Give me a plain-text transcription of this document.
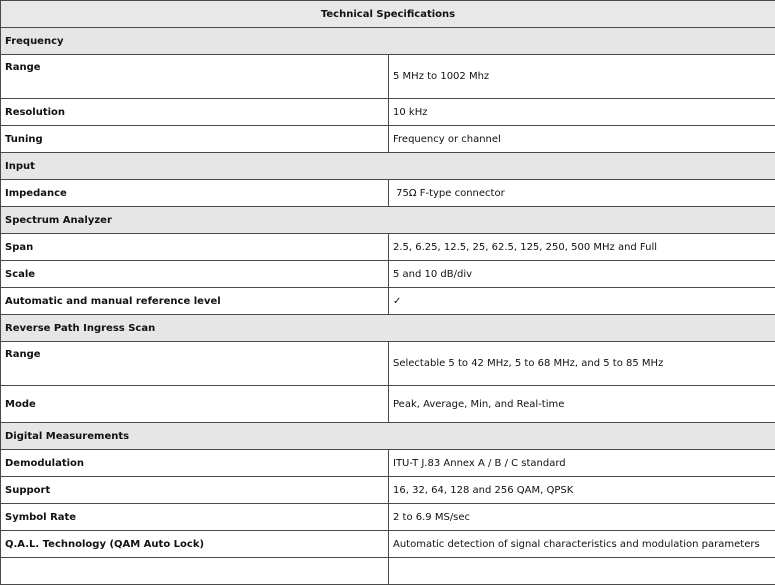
Technical Specifications	
Frequency	
Range	5 MHz to 1002 Mhz
Resolution	10 kHz
Tuning	Frequency or channel
Input	
Impedance	75Ω F-type connector
Spectrum Analyzer	
Span	2.5, 6.25, 12.5, 25, 62.5, 125, 250, 500 MHz and Full
Scale	5 and 10 dB/div
Automatic and manual reference level	✓
Reverse Path Ingress Scan	
Range	Selectable 5 to 42 MHz, 5 to 68 MHz, and 5 to 85 MHz
Mode	Peak, Average, Min, and Real-time
Digital Measurements	
Demodulation	ITU-T J.83 Annex A / B / C standard
Support	16, 32, 64, 128 and 256 QAM, QPSK
Symbol Rate	2 to 6.9 MS/sec
Q.A.L. Technology (QAM Auto Lock)	Automatic detection of signal characteristics and modulation parameters
